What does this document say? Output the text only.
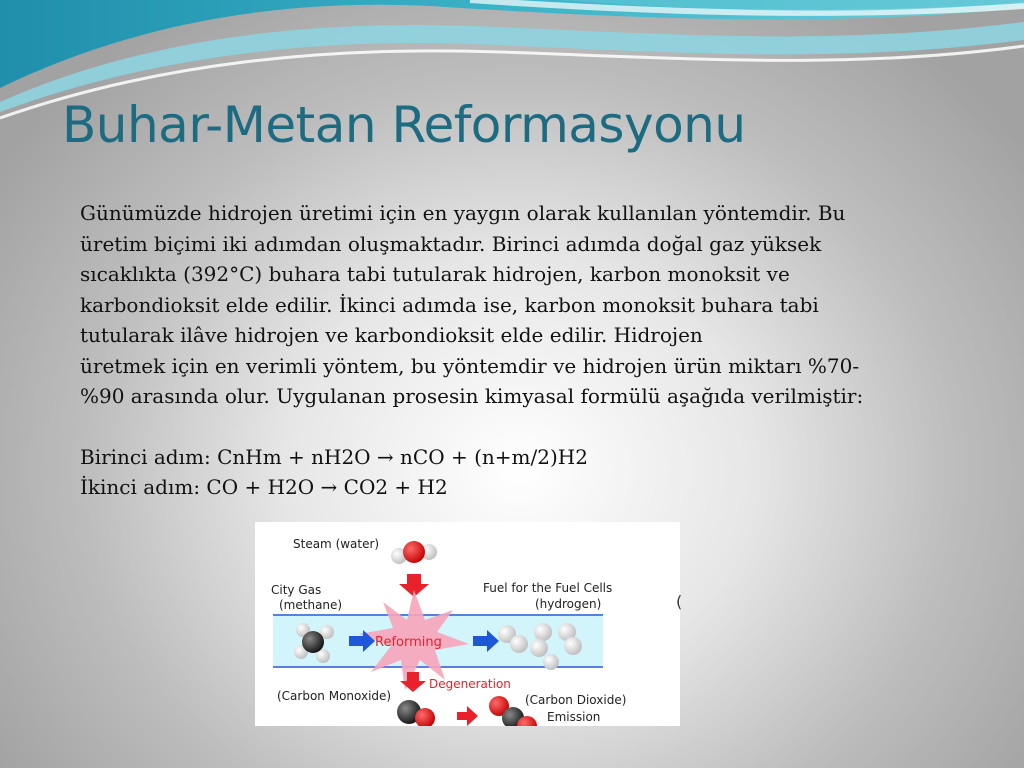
Buhar-Metan Reformasyonu

Günümüzde hidrojen üretimi için en yaygın olarak kullanılan yöntemdir. Bu

üretim biçimi iki adımdan oluşmaktadır. Birinci adımda doğal gaz yüksek

sıcaklıkta (392°C) buhara tabi tutularak hidrojen, karbon monoksit ve

karbondioksit elde edilir. İkinci adımda ise, karbon monoksit buhara tabi

tutularak ilâve hidrojen ve karbondioksit elde edilir. Hidrojen

üretmek için en verimli yöntem, bu yöntemdir ve hidrojen ürün miktarı %70-

%90 arasında olur. Uygulanan prosesin kimyasal formülü aşağıda verilmiştir:

Birinci adım: CnHm + nH2O → nCO + (n+m/2)H2

İkinci adım: CO + H2O → CO2 + H2

Steam (water)
City Gas
(methane)
Fuel for the Fuel Cells
(hydrogen)
Reforming
Degeneration
(Carbon Monoxide)	(Carbon Dioxide)
Emission
(
